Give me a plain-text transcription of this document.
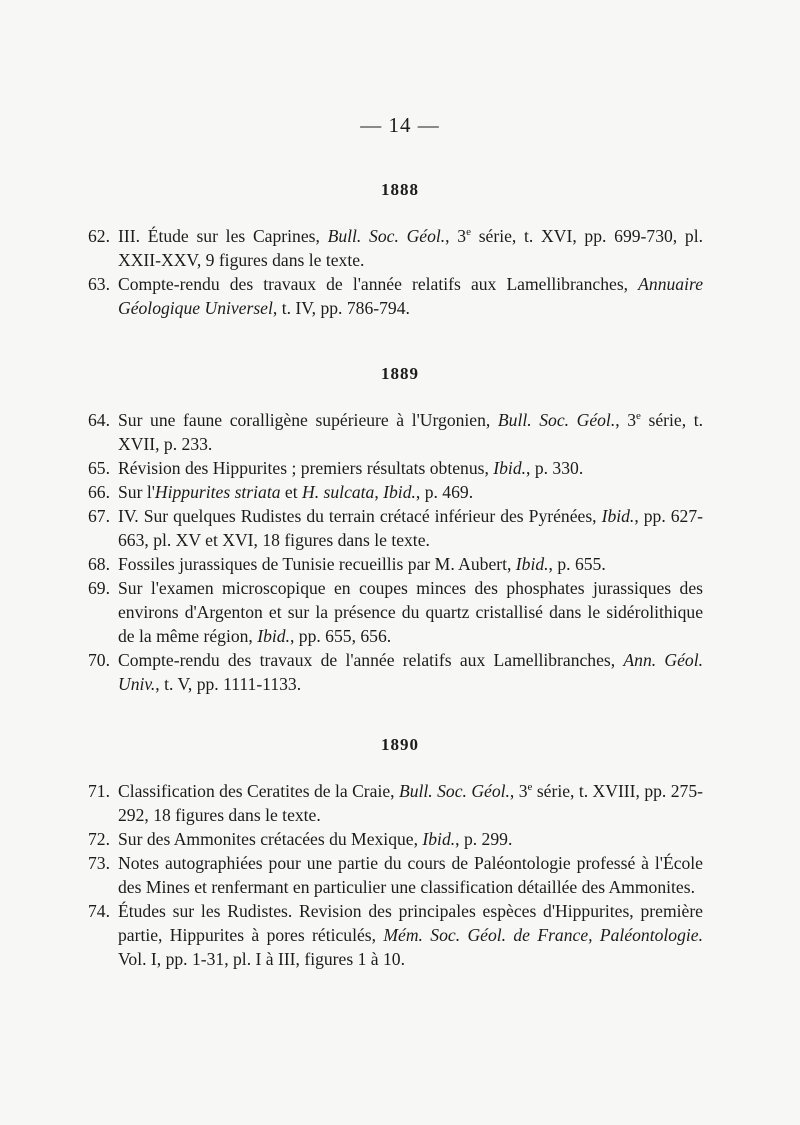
— 14 —
1888
62. III. Étude sur les Caprines, Bull. Soc. Géol., 3e série, t. XVI, pp. 699-730, pl. XXII-XXV, 9 figures dans le texte.
63. Compte-rendu des travaux de l'année relatifs aux Lamellibranches, Annuaire Géologique Universel, t. IV, pp. 786-794.
1889
64. Sur une faune coralligène supérieure à l'Urgonien, Bull. Soc. Géol., 3e série, t. XVII, p. 233.
65. Révision des Hippurites ; premiers résultats obtenus, Ibid., p. 330.
66. Sur l'Hippurites striata et H. sulcata, Ibid., p. 469.
67. IV. Sur quelques Rudistes du terrain crétacé inférieur des Pyrénées, Ibid., pp. 627-663, pl. XV et XVI, 18 figures dans le texte.
68. Fossiles jurassiques de Tunisie recueillis par M. Aubert, Ibid., p. 655.
69. Sur l'examen microscopique en coupes minces des phosphates jurassiques des environs d'Argenton et sur la présence du quartz cristallisé dans le sidérolithique de la même région, Ibid., pp. 655, 656.
70. Compte-rendu des travaux de l'année relatifs aux Lamellibranches, Ann. Géol. Univ., t. V, pp. 1111-1133.
1890
71. Classification des Ceratites de la Craie, Bull. Soc. Géol., 3e série, t. XVIII, pp. 275-292, 18 figures dans le texte.
72. Sur des Ammonites crétacées du Mexique, Ibid., p. 299.
73. Notes autographiées pour une partie du cours de Paléontologie professé à l'École des Mines et renfermant en particulier une classification détaillée des Ammonites.
74. Études sur les Rudistes. Revision des principales espèces d'Hippurites, première partie, Hippurites à pores réticulés, Mém. Soc. Géol. de France, Paléontologie. Vol. I, pp. 1-31, pl. I à III, figures 1 à 10.
